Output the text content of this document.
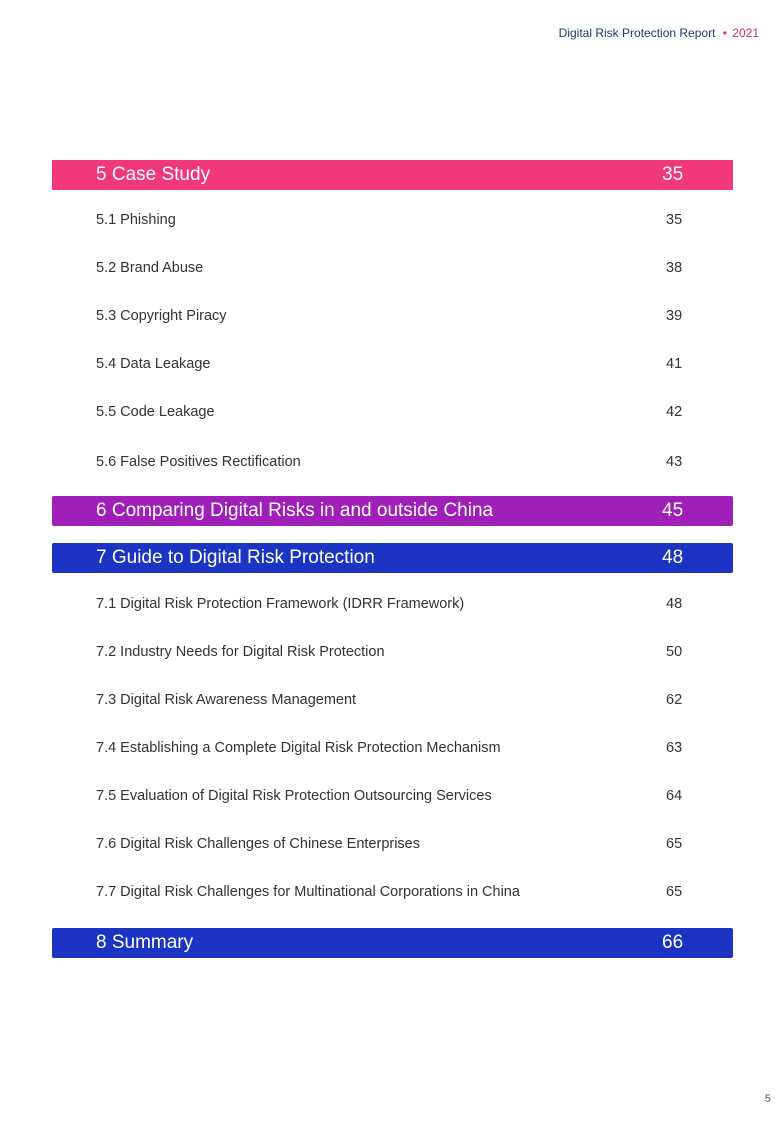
Digital Risk Protection Report • 2021
5 Case Study	35
5.1 Phishing	35
5.2 Brand Abuse	38
5.3 Copyright Piracy	39
5.4 Data Leakage	41
5.5 Code Leakage	42
5.6 False Positives Rectification	43
6 Comparing Digital Risks in and outside China	45
7 Guide to Digital Risk Protection	48
7.1 Digital Risk Protection Framework (IDRR Framework)	48
7.2 Industry Needs for Digital Risk Protection	50
7.3 Digital Risk Awareness Management	62
7.4 Establishing a Complete Digital Risk Protection Mechanism	63
7.5 Evaluation of Digital Risk Protection Outsourcing Services	64
7.6 Digital Risk Challenges of Chinese Enterprises	65
7.7 Digital Risk Challenges for Multinational Corporations in China	65
8 Summary	66
5
